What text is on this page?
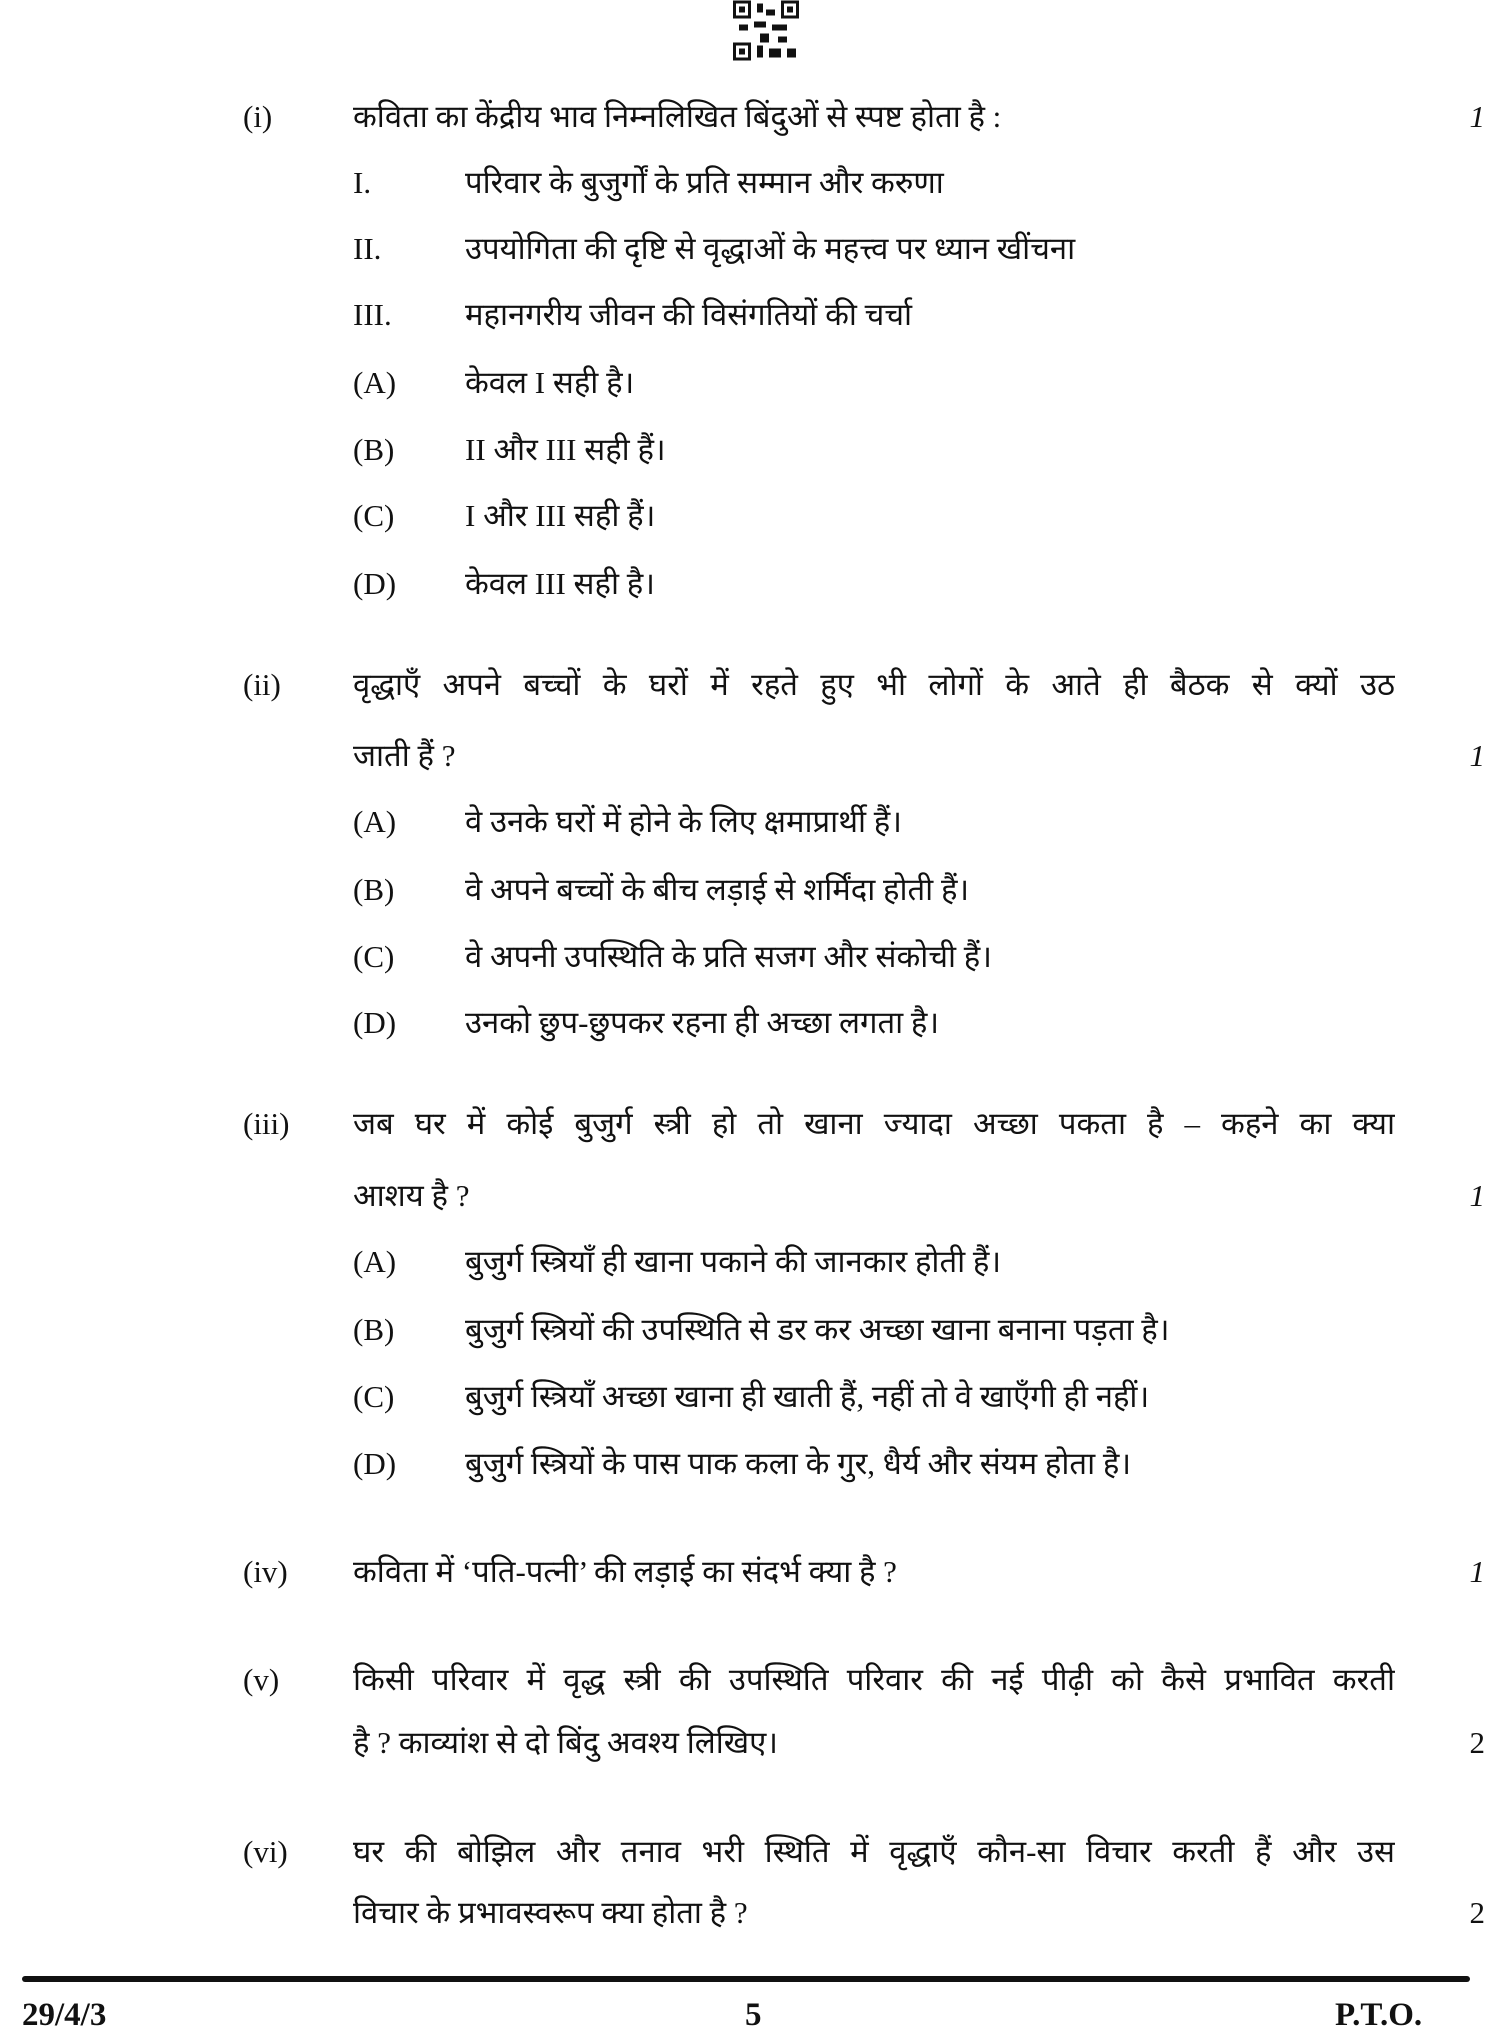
(i)	कविता का केंद्रीय भाव निम्नलिखित बिंदुओं से स्पष्ट होता है :	1
I.	परिवार के बुजुर्गों के प्रति सम्मान और करुणा
II.	उपयोगिता की दृष्टि से वृद्धाओं के महत्त्व पर ध्यान खींचना
III. महानगरीय जीवन की विसंगतियों की चर्चा
(A) केवल I सही है।
(B) II और III सही हैं।
(C) I और III सही हैं।
(D) केवल III सही है।
(ii) वृद्धाएँ अपने बच्चों के घरों में रहते हुए भी लोगों के आते ही बैठक से क्यों उठ
जाती हैं ?	1
(A) वे उनके घरों में होने के लिए क्षमाप्रार्थी हैं।
(B) वे अपने बच्चों के बीच लड़ाई से शर्मिंदा होती हैं।
(C) वे अपनी उपस्थिति के प्रति सजग और संकोची हैं।
(D) उनको छुप-छुपकर रहना ही अच्छा लगता है।
(iii) जब घर में कोई बुजुर्ग स्त्री हो तो खाना ज्यादा अच्छा पकता है – कहने का क्या
आशय है ?	1
(A) बुजुर्ग स्त्रियाँ ही खाना पकाने की जानकार होती हैं।
(B) बुजुर्ग स्त्रियों की उपस्थिति से डर कर अच्छा खाना बनाना पड़ता है।
(C) बुजुर्ग स्त्रियाँ अच्छा खाना ही खाती हैं, नहीं तो वे खाएँगी ही नहीं।
(D) बुजुर्ग स्त्रियों के पास पाक कला के गुर, धैर्य और संयम होता है।
(iv) कविता में ‘पति-पत्नी’ की लड़ाई का संदर्भ क्या है ?	1
(v) किसी परिवार में वृद्ध स्त्री की उपस्थिति परिवार की नई पीढ़ी को कैसे प्रभावित करती
है ? काव्यांश से दो बिंदु अवश्य लिखिए।	2
(vi) घर की बोझिल और तनाव भरी स्थिति में वृद्धाएँ कौन-सा विचार करती हैं और उस
विचार के प्रभावस्वरूप क्या होता है ?	2
29/4/3	5	P.T.O.
